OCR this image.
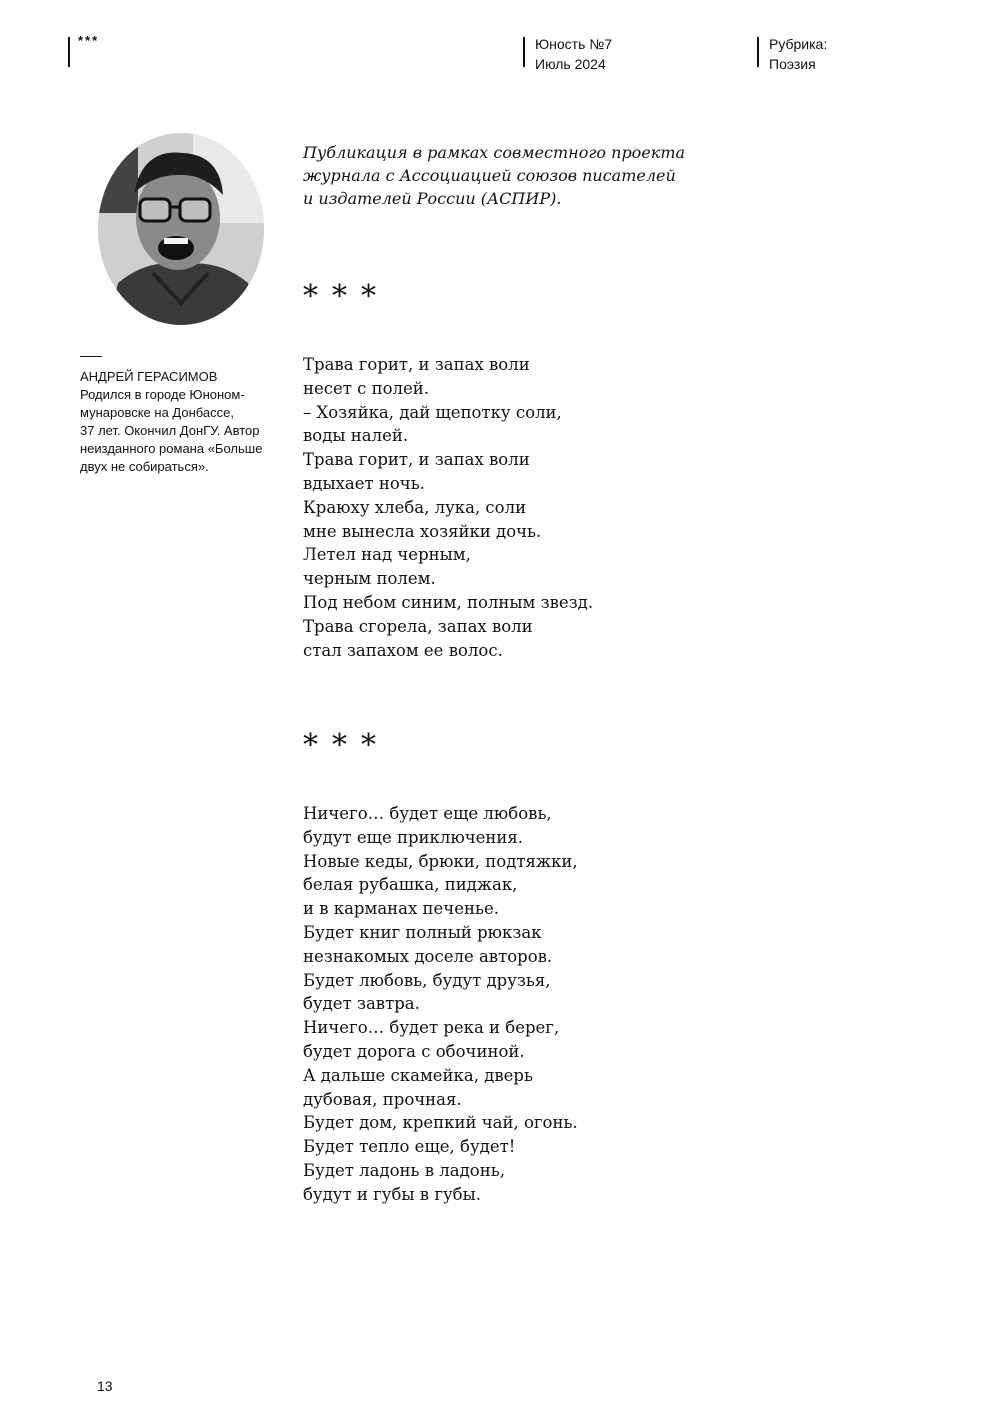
***	Юность №7
Июль 2024
Рубрика:
Поэзия
АНДРЕЙ ГЕРАСИМОВ
Родился в городе Юноном-
мунаровске на Донбассе,
37 лет. Окончил ДонГУ. Автор
неизданного романа «Больше
двух не собираться».
Публикация в рамках совместного проекта
журнала с Ассоциацией союзов писателей
и издателей России (АСПИР).
***
Трава горит, и запах воли
несет с полей.
– Хозяйка, дай щепотку соли,
воды налей.
Трава горит, и запах воли
вдыхает ночь.
Краюху хлеба, лука, соли
мне вынесла хозяйки дочь.
Летел над черным,
черным полем.
Под небом синим, полным звезд.
Трава сгорела, запах воли
стал запахом ее волос.
***
Ничего… будет еще любовь,
будут еще приключения.
Новые кеды, брюки, подтяжки,
белая рубашка, пиджак,
и в карманах печенье.
Будет книг полный рюкзак
незнакомых доселе авторов.
Будет любовь, будут друзья,
будет завтра.
Ничего… будет река и берег,
будет дорога с обочиной.
А дальше скамейка, дверь
дубовая, прочная.
Будет дом, крепкий чай, огонь.
Будет тепло еще, будет!
Будет ладонь в ладонь,
будут и губы в губы.
13
